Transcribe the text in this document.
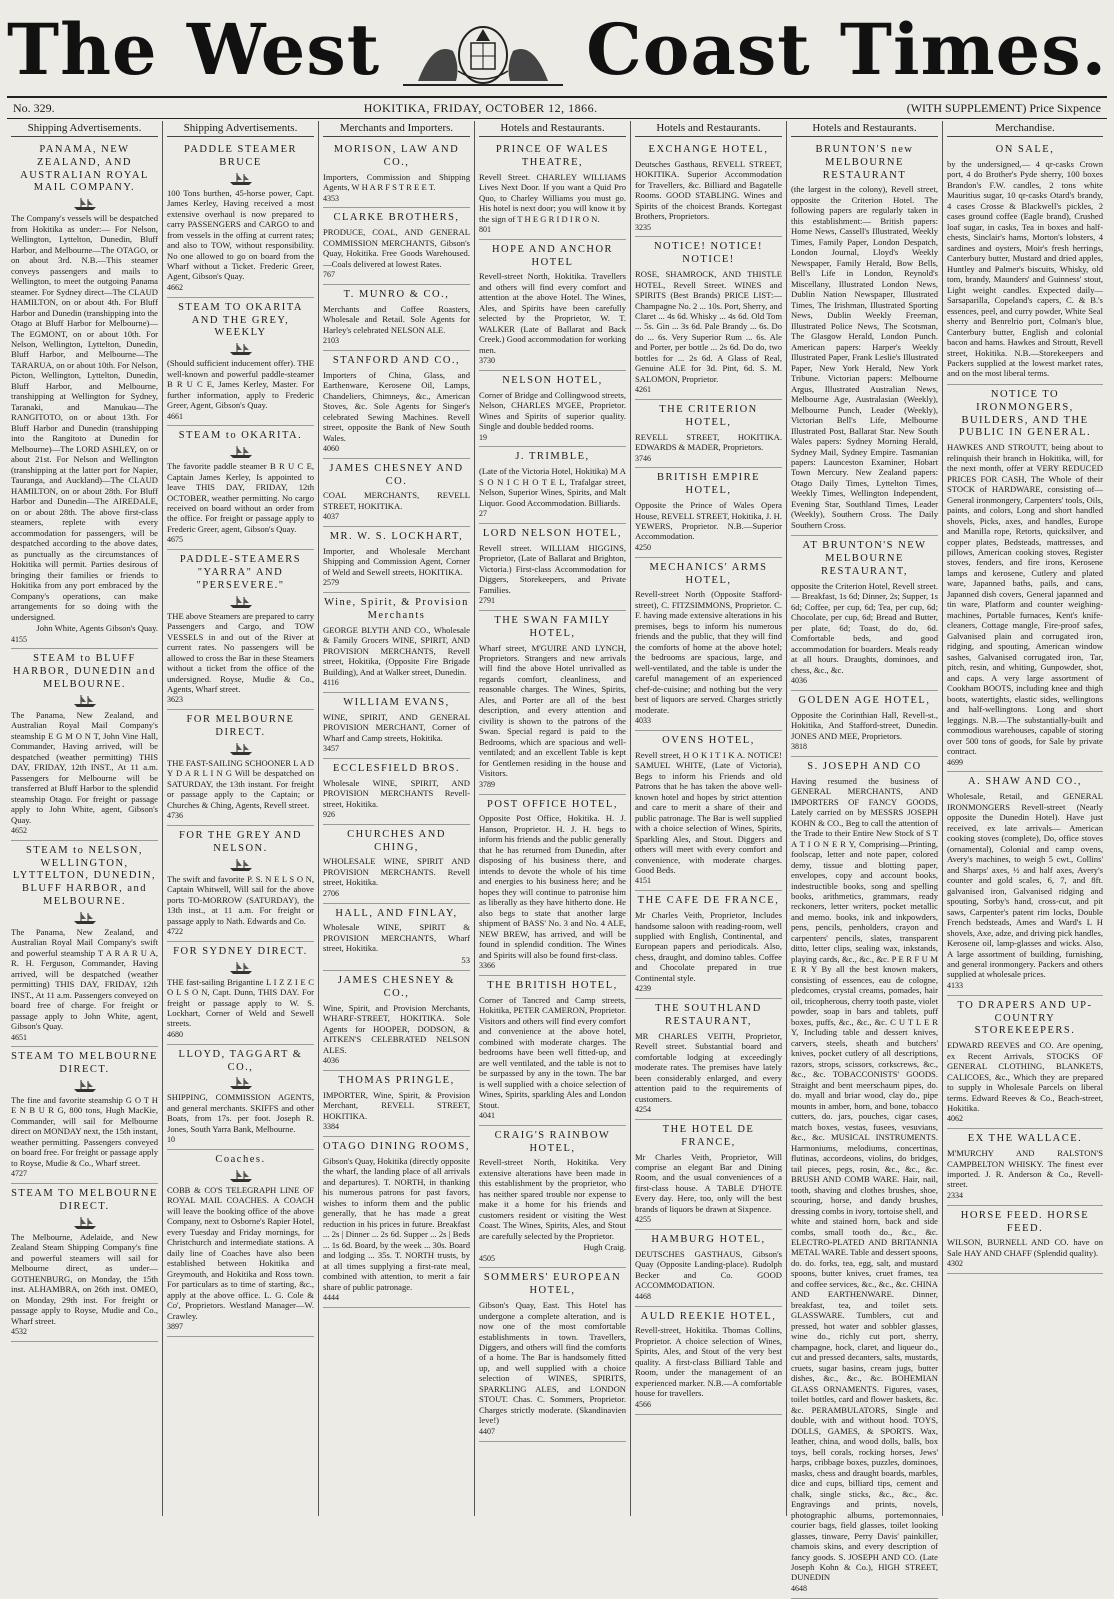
The West	Coast Times.
No. 329.	HOKITIKA, FRIDAY, OCTOBER 12, 1866.	(WITH SUPPLEMENT) Price Sixpence
Shipping Advertisements.
PANAMA, NEW ZEALAND, AND AUSTRALIAN ROYAL MAIL COMPANY.

The Company's vessels will be despatched from Hokitika as under:— For Nelson, Wellington, Lyttelton, Dunedin, Bluff Harbor, and Melbourne—The OTAGO, or on about 3rd. N.B.—This steamer conveys passengers and mails to Wellington, to meet the outgoing Panama steamer. For Sydney direct—The CLAUD HAMILTON, on or about 4th. For Bluff Harbor and Dunedin (transhipping into the Otago at Bluff Harbor for Melbourne)—The EGMONT, on or about 10th. For Nelson, Wellington, Lyttelton, Dunedin, Bluff Harbor, and Melbourne—The TARARUA, on or about 10th. For Nelson, Picton, Wellington, Lyttelton, Dunedin, Bluff Harbor, and Melbourne, transhipping at Wellington for Sydney, Taranaki, and Manukau—The RANGITOTO, on or about 13th. For Bluff Harbor and Dunedin (transhipping into the Rangitoto at Dunedin for Melbourne)—The LORD ASHLEY, on or about 21st. For Nelson and Wellington (transhipping at the latter port for Napier, Tauranga, and Auckland)—The CLAUD HAMILTON, on or about 28th. For Bluff Harbor and Dunedin—The AIREDALE, on or about 28th. The above first-class steamers, replete with every accommodation for passengers, will be despatched according to the above dates, as punctually as the circumstances of Hokitika will permit. Parties desirous of bringing their families or friends to Hokitika from any port embraced by the Company's operations, can make arrangements for so doing with the undersigned.

John White, Agents Gibson's Quay.

4155
STEAM to BLUFF HARBOR, DUNEDIN and MELBOURNE.

The Panama, New Zealand, and Australian Royal Mail Company's steamship E G M O N T, John Vine Hall, Commander, Having arrived, will be despatched (weather permitting) THIS DAY, FRIDAY, 12th INST., At 11 a.m. Passengers for Melbourne will be transferred at Bluff Harbor to the splendid steamship Otago. For freight or passage apply to John White, agent, Gibson's Quay.

4652
STEAM to NELSON, WELLINGTON, LYTTELTON, DUNEDIN, BLUFF HARBOR, and MELBOURNE.

The Panama, New Zealand, and Australian Royal Mail Company's swift and powerful steamship T A R A R U A, R. H. Ferguson, Commander, Having arrived, will be despatched (weather permitting) THIS DAY, FRIDAY, 12th INST., At 11 a.m. Passengers conveyed on board free of charge. For freight or passage apply to John White, agent, Gibson's Quay.

4651
STEAM TO MELBOURNE DIRECT.

The fine and favorite steamship G O T H E N B U R G, 800 tons, Hugh MacKie, Commander, will sail for Melbourne direct on MONDAY next, the 15th instant, weather permitting. Passengers conveyed on board free. For freight or passage apply to Royse, Mudie & Co., Wharf street.

4727
STEAM TO MELBOURNE DIRECT.

The Melbourne, Adelaide, and New Zealand Steam Shipping Company's fine and powerful steamers will sail for Melbourne direct, as under— GOTHENBURG, on Monday, the 15th inst. ALHAMBRA, on 26th inst. OMEO, on Monday, 29th inst. For freight or passage apply to Royse, Mudie and Co., Wharf street.

4532
Shipping Advertisements.
PADDLE STEAMER BRUCE

100 Tons burthen, 45-horse power, Capt. James Kerley, Having received a most extensive overhaul is now prepared to carry PASSENGERS and CARGO to and from vessels in the offing at current rates; and also to TOW, without responsibility. No one allowed to go on board from the Wharf without a Ticket. Frederic Greer, Agent, Gibson's Quay.

4662
STEAM TO OKARITA AND THE GREY, WEEKLY

(Should sufficient inducement offer). THE well-known and powerful paddle-steamer B R U C E, James Kerley, Master. For further information, apply to Frederic Greer, Agent, Gibson's Quay.

4661
STEAM to OKARITA.

The favorite paddle steamer B R U C E, Captain James Kerley, Is appointed to leave THIS DAY, FRIDAY, 12th OCTOBER, weather permitting. No cargo received on board without an order from the office. For freight or passage apply to Frederic Greer, agent, Gibson's Quay.

4675
PADDLE-STEAMERS "YARRA" AND "PERSEVERE."

THE above Steamers are prepared to carry Passengers and Cargo, and TOW VESSELS in and out of the River at current rates. No passengers will be allowed to cross the Bar in these Steamers without a ticket from the office of the undersigned. Royse, Mudie & Co., Agents, Wharf street.

3623
FOR MELBOURNE DIRECT.

THE FAST-SAILING SCHOONER L A D Y D A R L I N G Will be despatched on SATURDAY, the 13th instant. For freight or passage apply to the Captain; or Churches & Ching, Agents, Revell street.

4736
FOR THE GREY AND NELSON.

The swift and favorite P. S. N E L S O N, Captain Whitwell, Will sail for the above ports TO-MORROW (SATURDAY), the 13th inst., at 11 a.m. For freight or passage apply to Nath. Edwards and Co.

4722
FOR SYDNEY DIRECT.

THE fast-sailing Brigantine L I Z Z I E C O L S O N, Capt. Dunn, THIS DAY. For freight or passage apply to W. S. Lockhart, Corner of Weld and Sewell streets.

4680
LLOYD, TAGGART & CO.,

SHIPPING, COMMISSION AGENTS, and general merchants. SKIFFS and other Boats, from 17s. per foot. Joseph R. Jones, South Yarra Bank, Melbourne.

10
Coaches.

COBB & CO'S TELEGRAPH LINE OF ROYAL MAIL COACHES. A COACH will leave the booking office of the above Company, next to Osborne's Rapier Hotel, every Tuesday and Friday mornings, for Christchurch and intermediate stations. A daily line of Coaches have also been established between Hokitika and Greymouth, and Hokitika and Ross town. For particulars as to time of starting, &c., apply at the above office. L. G. Cole & Co', Proprietors. Westland Manager—W. Crawley.

3897
Merchants and Importers.
MORISON, LAW AND CO.,

Importers, Commission and Shipping Agents, W H A R F S T R E E T.

4353
CLARKE BROTHERS,

PRODUCE, COAL, AND GENERAL COMMISSION MERCHANTS, Gibson's Quay, Hokitika. Free Goods Warehoused.—Coals delivered at lowest Rates.

767
T. MUNRO & CO.,

Merchants and Coffee Roasters, Wholesale and Retail. Sole Agents for Harley's celebrated NELSON ALE.

2103
STANFORD AND CO.,

Importers of China, Glass, and Earthenware, Kerosene Oil, Lamps, Chandeliers, Chimneys, &c., American Stoves, &c. Sole Agents for Singer's celebrated Sewing Machines. Revell street, opposite the Bank of New South Wales.

4060
JAMES CHESNEY AND CO.

COAL MERCHANTS, REVELL STREET, HOKITIKA.

4037
MR. W. S. LOCKHART,

Importer, and Wholesale Merchant Shipping and Commission Agent, Corner of Weld and Sewell streets, HOKITIKA.

2579
Wine, Spirit, & Provision Merchants

GEORGE BLYTH AND CO., Wholesale & Family Grocers WINE, SPIRIT, AND PROVISION MERCHANTS, Revell street, Hokitika, (Opposite Fire Brigade Building), And at Walker street, Dunedin.

4116
WILLIAM EVANS,

WINE, SPIRIT, AND GENERAL PROVISION MERCHANT, Corner of Wharf and Camp streets, Hokitika.

3457
ECCLESFIELD BROS.

Wholesale WINE, SPIRIT, AND PROVISION MERCHANTS Revell-street, Hokitika.

926
CHURCHES AND CHING,

WHOLESALE WINE, SPIRIT AND PROVISION MERCHANTS. Revell street, Hokitika.

2706
HALL, AND FINLAY,

Wholesale WINE, SPIRIT & PROVISION MERCHANTS, Wharf street, Hokitika.

53

JAMES CHESNEY & CO.,

Wine, Spirit, and Provision Merchants, WHARF-STREET, HOKITIKA. Sole Agents for HOOPER, DODSON, & AITKEN'S CELEBRATED NELSON ALES.

4036
THOMAS PRINGLE,

IMPORTER, Wine, Spirit, & Provision Merchant, REVELL STREET, HOKITIKA.

3384
OTAGO DINING ROOMS,

Gibson's Quay, Hokitika (directly opposite the wharf, the landing place of all arrivals and departures). T. NORTH, in thanking his numerous patrons for past favors, wishes to inform them and the public generally, that he has made a great reduction in his prices in future. Breakfast ... 2s | Dinner ... 2s 6d. Supper ... 2s | Beds ... 1s 6d. Board, by the week ... 30s. Board and lodging ... 35s. T. NORTH trusts, by at all times supplying a first-rate meal, combined with attention, to merit a fair share of public patronage.

4444
Hotels and Restaurants.
PRINCE OF WALES THEATRE,

Revell Street. CHARLEY WILLIAMS Lives Next Door. If you want a Quid Pro Quo, to Charley Williams you must go. His hotel is next door; you will know it by the sign of T H E G R I D I R O N.

801
HOPE AND ANCHOR HOTEL

Revell-street North, Hokitika. Travellers and others will find every comfort and attention at the above Hotel. The Wines, Ales, and Spirits have been carefully selected by the Proprietor, W. T. WALKER (Late of Ballarat and Back Creek.) Good accommodation for working men.

3730
NELSON HOTEL,

Corner of Bridge and Collingwood streets, Nelson, CHARLES M'GEE, Proprietor. Wines and Spirits of superior quality. Single and double bedded rooms.

19
J. TRIMBLE,

(Late of the Victoria Hotel, Hokitika) M A S O N I C H O T E L, Trafalgar street, Nelson, Superior Wines, Spirits, and Malt Liquor. Good Accommodation. Billiards.

27
LORD NELSON HOTEL,

Revell street. WILLIAM HIGGINS, Proprietor, (Late of Ballarat and Brighton, Victoria.) First-class Accommodation for Diggers, Storekeepers, and Private Families.

2791
THE SWAN FAMILY HOTEL,

Wharf street, M'GUIRE AND LYNCH, Proprietors. Strangers and new arrivals will find the above Hotel unrivalled as regards comfort, cleanliness, and reasonable charges. The Wines, Spirits, Ales, and Porter are all of the best description, and every attention and civility is shown to the patrons of the Swan. Special regard is paid to the Bedrooms, which are spacious and well-ventilated; and an excellent Table is kept for Gentlemen residing in the house and Visitors.

3789
POST OFFICE HOTEL,

Opposite Post Office, Hokitika. H. J. Hanson, Proprietor. H. J. H. begs to inform his friends and the public generally that he has returned from Dunedin, after disposing of his business there, and intends to devote the whole of his time and energies to his business here; and he hopes they will continue to patronise him as liberally as they have hitherto done. He also begs to state that another large shipment of BASS' No. 3 and No. 4 ALE, NEW BREW, has arrived, and will be found in splendid condition. The Wines and Spirits will also be found first-class.

3366
THE BRITISH HOTEL,

Corner of Tancred and Camp streets, Hokitika, PETER CAMERON, Proprietor. Visitors and others will find every comfort and convenience at the above hotel, combined with moderate charges. The bedrooms have been well fitted-up, and are well ventilated, and the table is not to be surpassed by any in the town. The bar is well supplied with a choice selection of Wines, Spirits, sparkling Ales and London Stout.

4041
CRAIG'S RAINBOW HOTEL,

Revell-street North, Hokitika. Very extensive alterations have been made in this establishment by the proprietor, who has neither spared trouble nor expense to make it a home for his friends and customers resident or visiting the West Coast. The Wines, Spirits, Ales, and Stout are carefully selected by the Proprietor.

Hugh Craig.

4505
SOMMERS' EUROPEAN HOTEL,

Gibson's Quay, East. This Hotel has undergone a complete alteration, and is now one of the most comfortable establishments in town. Travellers, Diggers, and others will find the comforts of a home. The Bar is handsomely fitted up, and well supplied with a choice selection of WINES, SPIRITS, SPARKLING ALES, and LONDON STOUT. Chas. C. Sommers, Proprietor. Charges strictly moderate. (Skandinavien leve!)

4407
Hotels and Restaurants.
EXCHANGE HOTEL,

Deutsches Gasthaus, REVELL STREET, HOKITIKA. Superior Accommodation for Travellers, &c. Billiard and Bagatelle Rooms. GOOD STABLING. Wines and Spirits of the choicest Brands. Kortegast Brothers, Proprietors.

3235
NOTICE! NOTICE! NOTICE!

ROSE, SHAMROCK, AND THISTLE HOTEL, Revell Street. WINES and SPIRITS (Best Brands) PRICE LIST:— Champagne No. 2 ... 10s. Port, Sherry, and Claret ... 4s 6d. Whisky ... 4s 6d. Old Tom ... 5s. Gin ... 3s 6d. Pale Brandy ... 6s. Do do ... 6s. Very Superior Rum ... 6s. Ale and Porter, per bottle ... 2s 6d. Do do, two bottles for ... 2s 6d. A Glass of Real, Genuine ALE for 3d. Pint, 6d. S. M. SALOMON, Proprietor.

4261
THE CRITERION HOTEL,

REVELL STREET, HOKITIKA. EDWARDS & MADER, Proprietors.

3746
BRITISH EMPIRE HOTEL,

Opposite the Prince of Wales Opera House, REVELL STREET, Hokitika, J. H. YEWERS, Proprietor. N.B.—Superior Accommodation.

4250
MECHANICS' ARMS HOTEL,

Revell-street North (Opposite Stafford-street), C. FITZSIMMONS, Proprietor. C. F. having made extensive alterations in his premises, begs to inform his numerous friends and the public, that they will find the comforts of home at the above hotel; the bedrooms are spacious, large, and well-ventilated, and the table is under the careful management of an experienced chef-de-cuisine; and nothing but the very best of liquors are served. Charges strictly moderate.

4033
OVENS HOTEL,

Revell street, H O K I T I K A. NOTICE! SAMUEL WHITE, (Late of Victoria), Begs to inform his Friends and old Patrons that he has taken the above well-known hotel and hopes by strict attention and care to merit a share of their and public patronage. The Bar is well supplied with a choice selection of Wines, Spirits, Sparkling Ales, and Stout. Diggers and others will meet with every comfort and convenience, with moderate charges. Good Beds.

4151
THE CAFE DE FRANCE,

Mr Charles Veith, Proprietor, Includes handsome saloon with reading-room, well supplied with English, Continental, and European papers and periodicals. Also, chess, draught, and domino tables. Coffee and Chocolate prepared in true Continental style.

4239
THE SOUTHLAND RESTAURANT,

MR CHARLES VEITH, Proprietor, Revell street. Substantial board and comfortable lodging at exceedingly moderate rates. The premises have lately been considerably enlarged, and every attention paid to the requirements of customers.

4254
THE HOTEL DE FRANCE,

Mr Charles Veith, Proprietor, Will comprise an elegant Bar and Dining Room, and the usual conveniences of a first-class house. A TABLE D'HOTE Every day. Here, too, only will the best brands of liquors be drawn at Sixpence.

4255
HAMBURG HOTEL,

DEUTSCHES GASTHAUS, Gibson's Quay (Opposite Landing-place). Rudolph Becker and Co. GOOD ACCOMMODATION.

4468
AULD REEKIE HOTEL,

Revell-street, Hokitika. Thomas Collins, Proprietor. A choice selection of Wines, Spirits, Ales, and Stout of the very best quality. A first-class Billiard Table and Room, under the management of an experienced marker. N.B.—A comfortable house for travellers.

4566
Hotels and Restaurants.
BRUNTON'S new MELBOURNE RESTAURANT

(the largest in the colony), Revell street, opposite the Criterion Hotel. The following papers are regularly taken in this establishment:— British papers: Home News, Cassell's Illustrated, Weekly Times, Family Paper, London Despatch, London Journal, Lloyd's Weekly Newspaper, Family Herald, Bow Bells, Bell's Life in London, Reynold's Miscellany, Illustrated London News, Dublin Nation Newspaper, Illustrated Times, The Irishman, Illustrated Sporting News, Dublin Weekly Freeman, Illustrated Police News, The Scotsman, The Glasgow Herald, London Punch. American papers: Harper's Weekly Illustrated Paper, Frank Leslie's Illustrated Paper, New York Herald, New York Tribune. Victorian papers: Melbourne Argus, Illustrated Australian News, Melbourne Age, Australasian (Weekly), Melbourne Punch, Leader (Weekly), Victorian Bell's Life, Melbourne Illustrated Post, Ballarat Star. New South Wales papers: Sydney Morning Herald, Sydney Mail, Sydney Empire. Tasmanian papers: Launceston Examiner, Hobart Town Mercury. New Zealand papers: Otago Daily Times, Lyttelton Times, Weekly Times, Wellington Independent, Evening Star, Southland Times, Leader (Weekly), Southern Cross. The Daily Southern Cross.

AT BRUNTON'S NEW MELBOURNE RESTAURANT,

opposite the Criterion Hotel, Revell street.— Breakfast, 1s 6d; Dinner, 2s; Supper, 1s 6d; Coffee, per cup, 6d; Tea, per cup, 6d; Chocolate, per cup, 6d; Bread and Butter, per plate, 6d; Toast, do do, 6d. Comfortable beds, and good accommodation for boarders. Meals ready at all hours. Draughts, dominoes, and chess, &c., &c.

4036
GOLDEN AGE HOTEL,

Opposite the Corinthian Hall, Revell-st., Hokitika, And Stafford-street, Dunedin. JONES AND MEE, Proprietors.

3818
S. JOSEPH AND CO

Having resumed the business of GENERAL MERCHANTS, AND IMPORTERS OF FANCY GOODS, Lately carried on by MESSRS JOSEPH KOHN & CO., Beg to call the attention of the Trade to their Entire New Stock of S T A T I O N E R Y, Comprising—Printing, foolscap, letter and note paper, colored demy, tissue and blotting paper, envelopes, copy and account books, indestructible books, song and spelling books, arithmetics, grammars, ready reckoners, letter writers, pocket metallic and memo. books, ink and inkpowders, pens, pencils, penholders, crayon and carpenters' pencils, slates, transparent ditto, letter clips, sealing wax, inkstands, playing cards, &c., &c., &c. P E R F U M E R Y By all the best known makers, consisting of essences, eau de cologne, pledcomes, crystal creams, pomades, hair oil, tricopherous, cherry tooth paste, violet powder, soap in bars and tablets, puff boxes, puffs, &c., &c., &c. C U T L E R Y, Including table and dessert knives, carvers, steels, sheath and butchers' knives, pocket cutlery of all descriptions, razors, strops, scissors, corkscrews, &c., &c., &c. TOBACCONISTS' GOODS. Straight and bent meerschaum pipes, do. do. myall and briar wood, clay do., pipe mounts in amber, horn, and bone, tobacco cutters, do. jars, pouches, cigar cases, match boxes, vestas, fusees, vesuvians, &c., &c. MUSICAL INSTRUMENTS. Harmoniums, melodiums, concertinas, flutinas, accordeons, violins, do bridges, tail pieces, pegs, rosin, &c., &c., &c. BRUSH AND COMB WARE. Hair, nail, tooth, shaving and clothes brushes, shoe, scouring, horse, and dandy brushes, dressing combs in ivory, tortoise shell, and white and stained horn, back and side combs, small tooth do., &c., &c. ELECTRO-PLATED AND BRITANNIA METAL WARE. Table and dessert spoons, do. do. forks, tea, egg, salt, and mustard spoons, butter knives, cruet frames, tea and coffee services, &c., &c., &c. CHINA AND EARTHENWARE. Dinner, breakfast, tea, and toilet sets. GLASSWARE. Tumblers, cut and pressed, hot water and sobbler glasses, wine do., richly cut port, sherry, champagne, hock, claret, and liqueur do., cut and pressed decanters, salts, mustards, cruets, sugar basins, cream jugs, butter dishes, &c., &c., &c. BOHEMIAN GLASS ORNAMENTS. Figures, vases, toilet bottles, card and flower baskets, &c. &c. PERAMBULATORS, Single and double, with and without hood. TOYS, DOLLS, GAMES, & SPORTS. Wax, leather, china, and wood dolls, balls, box toys, bell corals, rocking horses, Jews' harps, cribbage boxes, puzzles, dominoes, masks, chess and draught boards, marbles, dice and cups, billiard tips, cement and chalk, single sticks, &c., &c., &c. Engravings and prints, novels, photographic albums, portemonnaies, courier bags, field glasses, toilet looking glasses, tinware, Perry Davis' painkiller, chamois skins, and every description of fancy goods. S. JOSEPH AND CO. (Late Joseph Kohn & Co.), HIGH STREET, DUNEDIN

4648
Merchandise.
ON SALE,

by the undersigned,— 4 qr-casks Crown port, 4 do Brother's Pyde sherry, 100 boxes Brandon's F.W. candles, 2 tons white Mauritius sugar, 10 qr-casks Otard's brandy, 4 cases Crosse & Blackwell's pickles, 2 cases ground coffee (Eagle brand), Crushed loaf sugar, in casks, Tea in boxes and half-chests, Sinclair's hams, Morton's lobsters, 4 sardines and oysters, Moir's fresh herrings, Canterbury butter, Mustard and dried apples, Huntley and Palmer's biscuits, Whisky, old tom, brandy, Maunders' and Guinness' stout, Light weight candles. Expected daily— Sarsaparilla, Copeland's capers, C. & B.'s essences, peel, and curry powder, White Seal sherry and Benrelrio port, Colman's blue, Canterbury butter, English and colonial bacon and hams. Hawkes and Stroutt, Revell street, Hokitika. N.B.—Storekeepers and Packers supplied at the lowest market rates, and on the most liberal terms.

NOTICE TO IRONMONGERS, BUILDERS, AND THE PUBLIC IN GENERAL.

HAWKES AND STROUTT, being about to relinquish their branch in Hokitika, will, for the next month, offer at VERY REDUCED PRICES FOR CASH, The Whole of their STOCK of HARDWARE, consisting of— General ironmongery, Carpenters' tools, Oils, paints, and colors, Long and short handled shovels, Picks, axes, and handles, Europe and Manilla rope, Retorts, quicksilver, and copper plates, Bedsteads, mattresses, and pillows, American cooking stoves, Register stoves, fenders, and fire irons, Kerosene lamps and kerosene, Cutlery and plated ware, Japanned baths, pails, and cans, Japanned dish covers, General japanned and tin ware, Platform and counter weighing-machines, Portable furnaces, Kent's knife-cleaners, Cottage mangle, Fire-proof safes, Galvanised plain and corrugated iron, ridging, and spouting, American window sashes, Galvanised corrugated iron, Tar, pitch, resin, and whiting, Gunpowder, shot, and caps. A very large assortment of Cookham BOOTS, including knee and thigh boots, watertights, elastic sides, wellingtons and half-wellingtons. Long and short leggings. N.B.—The substantially-built and commodious warehouses, capable of storing over 500 tons of goods, for Sale by private contract.

4699
A. SHAW AND CO.,

Wholesale, Retail, and GENERAL IRONMONGERS Revell-street (Nearly opposite the Dunedin Hotel). Have just received, ex late arrivals— American cooking stoves (complete), Do, office stoves (ornamental), Colonial and camp ovens, Avery's machines, to weigh 5 cwt., Collins' and Sharps' axes, ½ and half axes, Avery's counter and gold scales, 6, 7, and 8ft. galvanised iron, Galvanised ridging and spouting, Sorby's hand, cross-cut, and pit saws, Carpenter's patent rim locks, Double French bedsteads, Ames and Ward's L H shovels, Axe, adze, and driving pick handles, Kerosene oil, lamp-glasses and wicks. Also, A large assortment of building, furnishing, and general ironmongery. Packers and others supplied at wholesale prices.

4133
TO DRAPERS AND UP-COUNTRY STOREKEEPERS.

EDWARD REEVES and CO. Are opening, ex Recent Arrivals, STOCKS OF GENERAL CLOTHING, BLANKETS, CALICOES, &c., Which they are prepared to supply in Wholesale Parcels on liberal terms. Edward Reeves & Co., Beach-street, Hokitika.

4062
EX THE WALLACE.

M'MURCHY AND RALSTON'S CAMPBELTON WHISKY. The finest ever imported. J. R. Anderson & Co., Revell-street.

2334
HORSE FEED. HORSE FEED.

WILSON, BURNELL AND CO. have on Sale HAY AND CHAFF (Splendid quality).

4302
